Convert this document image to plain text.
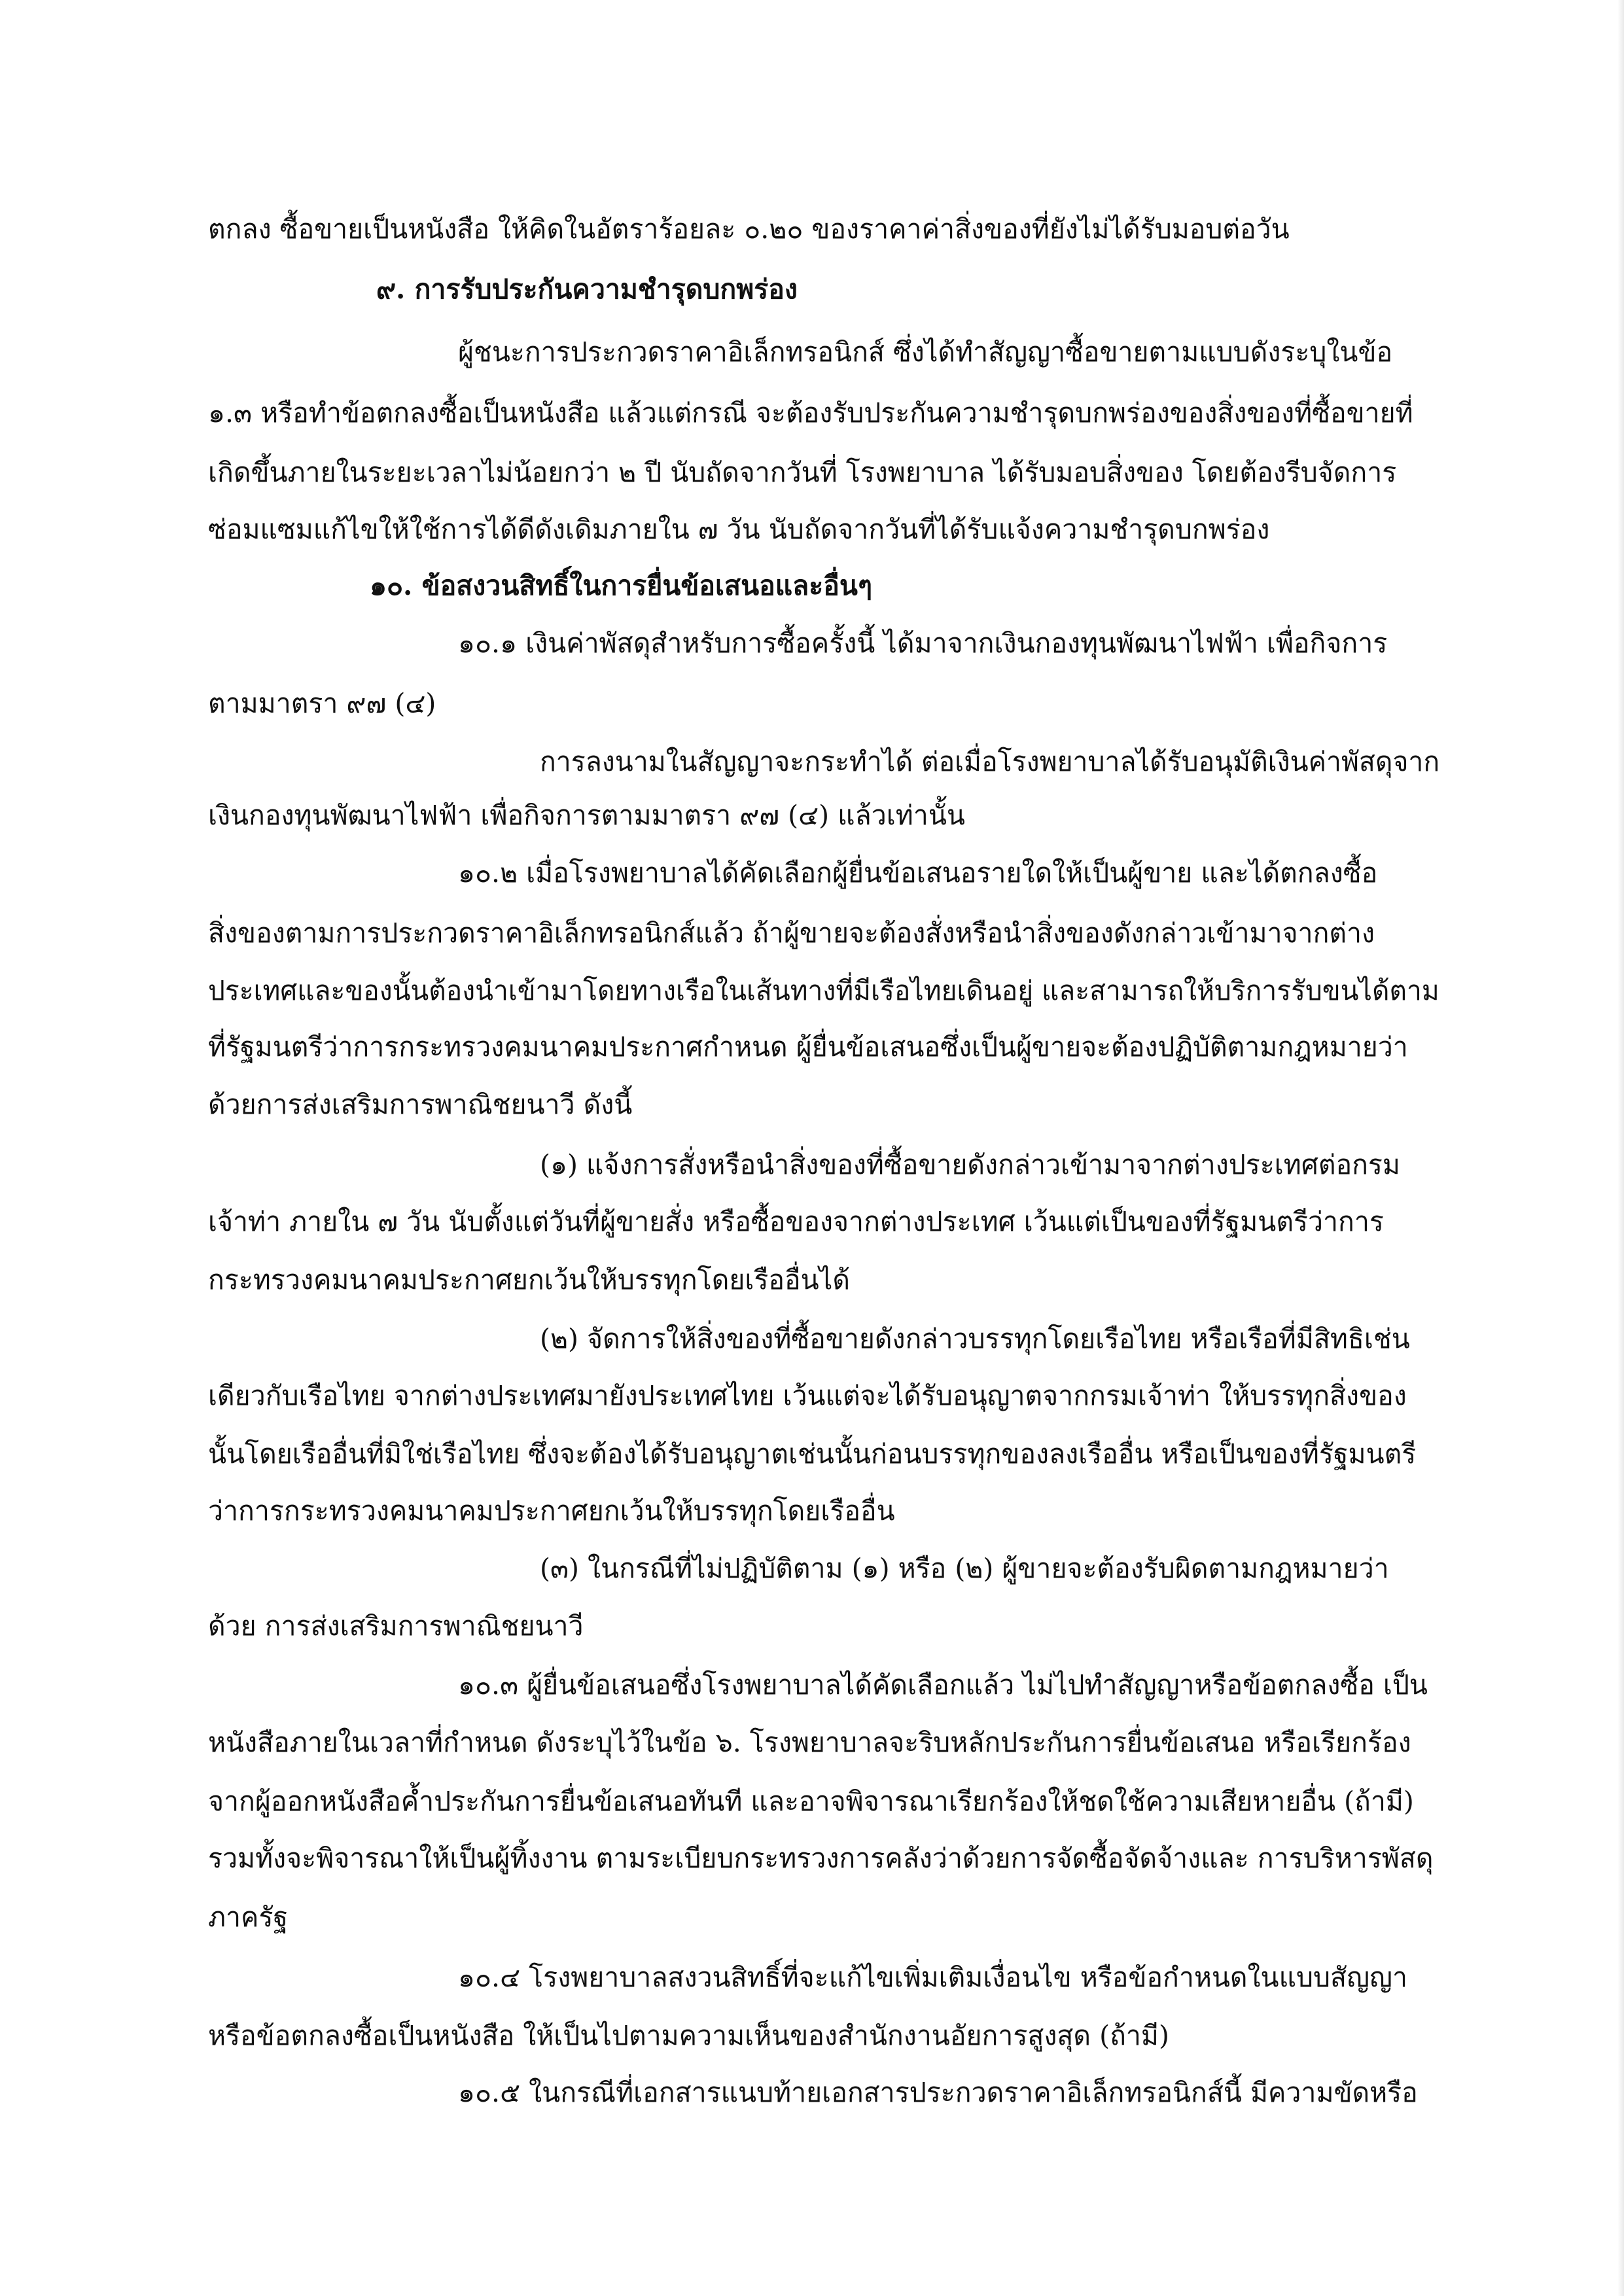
ตกลง ซื้อขายเป็นหนังสือ ให้คิดในอัตราร้อยละ ๐.๒๐ ของราคาค่าสิ่งของที่ยังไม่ได้รับมอบต่อวัน
๙. การรับประกันความชำรุดบกพร่อง
ผู้ชนะการประกวดราคาอิเล็กทรอนิกส์ ซึ่งได้ทำสัญญาซื้อขายตามแบบดังระบุในข้อ
๑.๓ หรือทำข้อตกลงซื้อเป็นหนังสือ แล้วแต่กรณี จะต้องรับประกันความชำรุดบกพร่องของสิ่งของที่ซื้อขายที่
เกิดขึ้นภายในระยะเวลาไม่น้อยกว่า ๒ ปี นับถัดจากวันที่ โรงพยาบาล ได้รับมอบสิ่งของ โดยต้องรีบจัดการ
ซ่อมแซมแก้ไขให้ใช้การได้ดีดังเดิมภายใน ๗ วัน นับถัดจากวันที่ได้รับแจ้งความชำรุดบกพร่อง
๑๐. ข้อสงวนสิทธิ์ในการยื่นข้อเสนอและอื่นๆ
๑๐.๑ เงินค่าพัสดุสำหรับการซื้อครั้งนี้ ได้มาจากเงินกองทุนพัฒนาไฟฟ้า เพื่อกิจการ
ตามมาตรา ๙๗ (๔)
การลงนามในสัญญาจะกระทำได้ ต่อเมื่อโรงพยาบาลได้รับอนุมัติเงินค่าพัสดุจาก
เงินกองทุนพัฒนาไฟฟ้า เพื่อกิจการตามมาตรา ๙๗ (๔) แล้วเท่านั้น
๑๐.๒ เมื่อโรงพยาบาลได้คัดเลือกผู้ยื่นข้อเสนอรายใดให้เป็นผู้ขาย และได้ตกลงซื้อ
สิ่งของตามการประกวดราคาอิเล็กทรอนิกส์แล้ว ถ้าผู้ขายจะต้องสั่งหรือนำสิ่งของดังกล่าวเข้ามาจากต่าง
ประเทศและของนั้นต้องนำเข้ามาโดยทางเรือในเส้นทางที่มีเรือไทยเดินอยู่ และสามารถให้บริการรับขนได้ตาม
ที่รัฐมนตรีว่าการกระทรวงคมนาคมประกาศกำหนด ผู้ยื่นข้อเสนอซึ่งเป็นผู้ขายจะต้องปฏิบัติตามกฎหมายว่า
ด้วยการส่งเสริมการพาณิชยนาวี ดังนี้
(๑) แจ้งการสั่งหรือนำสิ่งของที่ซื้อขายดังกล่าวเข้ามาจากต่างประเทศต่อกรม
เจ้าท่า ภายใน ๗ วัน นับตั้งแต่วันที่ผู้ขายสั่ง หรือซื้อของจากต่างประเทศ เว้นแต่เป็นของที่รัฐมนตรีว่าการ
กระทรวงคมนาคมประกาศยกเว้นให้บรรทุกโดยเรืออื่นได้
(๒) จัดการให้สิ่งของที่ซื้อขายดังกล่าวบรรทุกโดยเรือไทย หรือเรือที่มีสิทธิเช่น
เดียวกับเรือไทย จากต่างประเทศมายังประเทศไทย เว้นแต่จะได้รับอนุญาตจากกรมเจ้าท่า ให้บรรทุกสิ่งของ
นั้นโดยเรืออื่นที่มิใช่เรือไทย ซึ่งจะต้องได้รับอนุญาตเช่นนั้นก่อนบรรทุกของลงเรืออื่น หรือเป็นของที่รัฐมนตรี
ว่าการกระทรวงคมนาคมประกาศยกเว้นให้บรรทุกโดยเรืออื่น
(๓) ในกรณีที่ไม่ปฏิบัติตาม (๑) หรือ (๒) ผู้ขายจะต้องรับผิดตามกฎหมายว่า
ด้วย การส่งเสริมการพาณิชยนาวี
๑๐.๓ ผู้ยื่นข้อเสนอซึ่งโรงพยาบาลได้คัดเลือกแล้ว ไม่ไปทำสัญญาหรือข้อตกลงซื้อ เป็น
หนังสือภายในเวลาที่กำหนด ดังระบุไว้ในข้อ ๖. โรงพยาบาลจะริบหลักประกันการยื่นข้อเสนอ หรือเรียกร้อง
จากผู้ออกหนังสือค้ำประกันการยื่นข้อเสนอทันที และอาจพิจารณาเรียกร้องให้ชดใช้ความเสียหายอื่น (ถ้ามี)
รวมทั้งจะพิจารณาให้เป็นผู้ทิ้งงาน ตามระเบียบกระทรวงการคลังว่าด้วยการจัดซื้อจัดจ้างและ การบริหารพัสดุ
ภาครัฐ
๑๐.๔ โรงพยาบาลสงวนสิทธิ์ที่จะแก้ไขเพิ่มเติมเงื่อนไข หรือข้อกำหนดในแบบสัญญา
หรือข้อตกลงซื้อเป็นหนังสือ ให้เป็นไปตามความเห็นของสำนักงานอัยการสูงสุด (ถ้ามี)
๑๐.๕ ในกรณีที่เอกสารแนบท้ายเอกสารประกวดราคาอิเล็กทรอนิกส์นี้ มีความขัดหรือ
